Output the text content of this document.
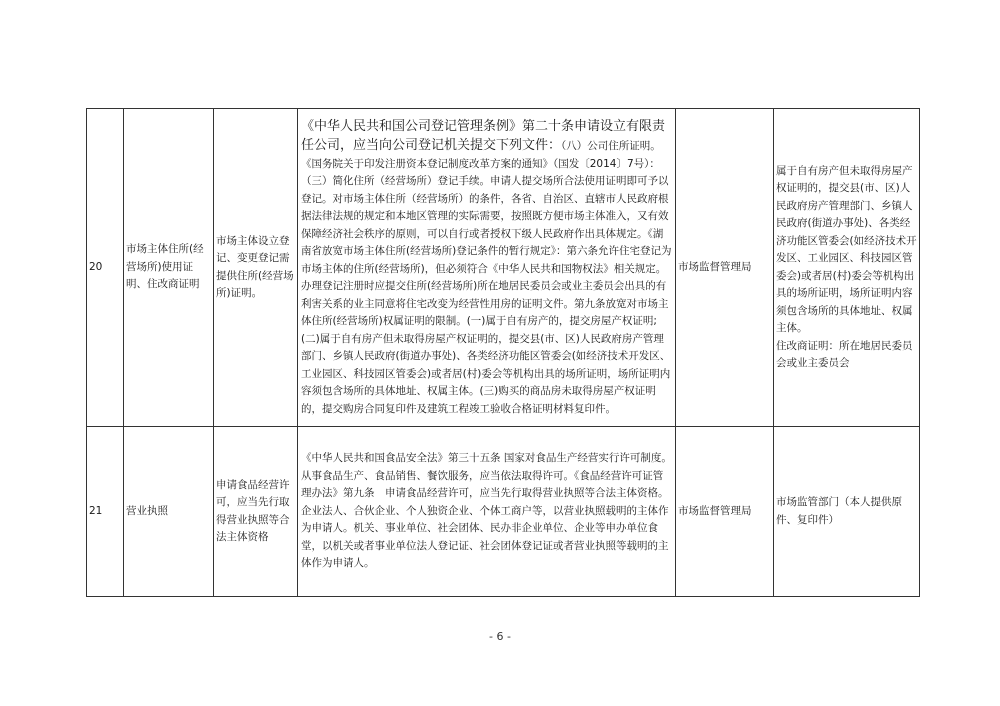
20	市场主体住所(经营场所)使用证明、住改商证明	市场主体设立登记、变更登记需提供住所(经营场所)证明。	《中华人民共和国公司登记管理条例》第二十条申请设立有限责任公司，应当向公司登记机关提交下列文件：（八）公司住所证明。《国务院关于印发注册资本登记制度改革方案的通知》（国发〔2014〕7号）：（三）简化住所（经营场所）登记手续。申请人提交场所合法使用证明即可予以登记。对市场主体住所（经营场所）的条件，各省、自治区、直辖市人民政府根据法律法规的规定和本地区管理的实际需要，按照既方便市场主体准入，又有效保障经济社会秩序的原则，可以自行或者授权下级人民政府作出具体规定。《湖南省放宽市场主体住所(经营场所)登记条件的暂行规定》：第六条允许住宅登记为市场主体的住所(经营场所)，但必须符合《中华人民共和国物权法》相关规定。办理登记注册时应提交住所(经营场所)所在地居民委员会或业主委员会出具的有利害关系的业主同意将住宅改变为经营性用房的证明文件。第九条放宽对市场主体住所(经营场所)权属证明的限制。(一)属于自有房产的，提交房屋产权证明;(二)属于自有房产但未取得房屋产权证明的，提交县(市、区)人民政府房产管理部门、乡镇人民政府(街道办事处)、各类经济功能区管委会(如经济技术开发区、工业园区、科技园区管委会)或者居(村)委会等机构出具的场所证明，场所证明内容须包含场所的具体地址、权属主体。(三)购买的商品房未取得房屋产权证明的，提交购房合同复印件及建筑工程竣工验收合格证明材料复印件。	市场监督管理局	属于自有房产但未取得房屋产权证明的，提交县(市、区)人民政府房产管理部门、乡镇人民政府(街道办事处)、各类经济功能区管委会(如经济技术开发区、工业园区、科技园区管委会)或者居(村)委会等机构出具的场所证明，场所证明内容须包含场所的具体地址、权属主体。
住改商证明：所在地居民委员会或业主委员会

21	营业执照	申请食品经营许可，应当先行取得营业执照等合法主体资格	《中华人民共和国食品安全法》第三十五条 国家对食品生产经营实行许可制度。从事食品生产、食品销售、餐饮服务，应当依法取得许可。《食品经营许可证管理办法》第九条　申请食品经营许可，应当先行取得营业执照等合法主体资格。企业法人、合伙企业、个人独资企业、个体工商户等，以营业执照载明的主体作为申请人。机关、事业单位、社会团体、民办非企业单位、企业等申办单位食堂，以机关或者事业单位法人登记证、社会团体登记证或者营业执照等载明的主体作为申请人。	市场监督管理局	市场监管部门（本人提供原件、复印件）
- 6 -
